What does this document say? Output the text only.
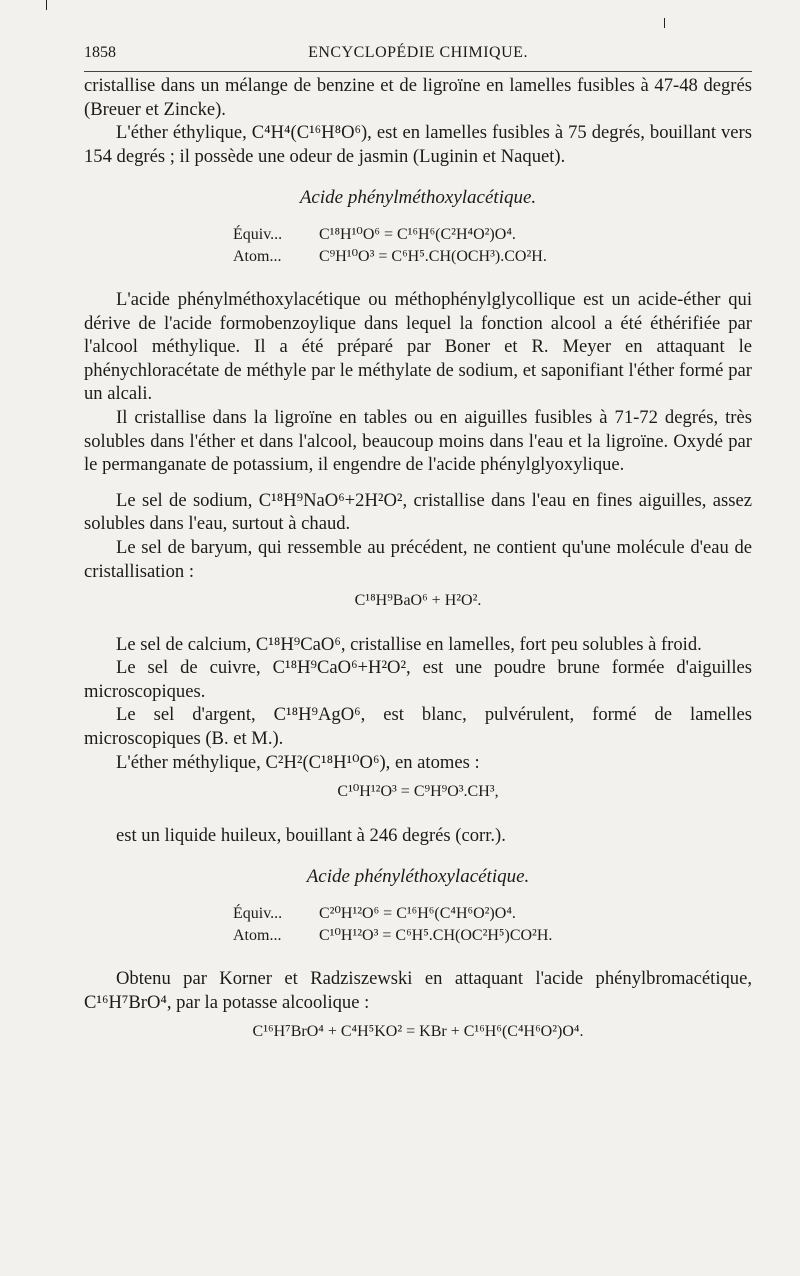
1858	ENCYCLOPÉDIE CHIMIQUE.

cristallise dans un mélange de benzine et de ligroïne en lamelles fusibles à 47-48 degrés (Breuer et Zincke).

L'éther éthylique, C⁴H⁴(C¹⁶H⁸O⁶), est en lamelles fusibles à 75 degrés, bouillant vers 154 degrés ; il possède une odeur de jasmin (Luginin et Naquet).

Acide phénylméthoxylacétique.
Équiv...	C¹⁸H¹⁰O⁶ = C¹⁶H⁶(C²H⁴O²)O⁴.
Atom...	C⁹H¹⁰O³ = C⁶H⁵.CH(OCH³).CO²H.

L'acide phénylméthoxylacétique ou méthophénylglycollique est un acide-éther qui dérive de l'acide formobenzoylique dans lequel la fonction alcool a été éthérifiée par l'alcool méthylique. Il a été préparé par Boner et R. Meyer en attaquant le phénychloracétate de méthyle par le méthylate de sodium, et saponifiant l'éther formé par un alcali.

Il cristallise dans la ligroïne en tables ou en aiguilles fusibles à 71-72 degrés, très solubles dans l'éther et dans l'alcool, beaucoup moins dans l'eau et la ligroïne. Oxydé par le permanganate de potassium, il engendre de l'acide phénylglyoxylique.

Le sel de sodium, C¹⁸H⁹NaO⁶+2H²O², cristallise dans l'eau en fines aiguilles, assez solubles dans l'eau, surtout à chaud.

Le sel de baryum, qui ressemble au précédent, ne contient qu'une molécule d'eau de cristallisation :

C¹⁸H⁹BaO⁶ + H²O².

Le sel de calcium, C¹⁸H⁹CaO⁶, cristallise en lamelles, fort peu solubles à froid.

Le sel de cuivre, C¹⁸H⁹CaO⁶+H²O², est une poudre brune formée d'aiguilles microscopiques.

Le sel d'argent, C¹⁸H⁹AgO⁶, est blanc, pulvérulent, formé de lamelles microscopiques (B. et M.).

L'éther méthylique, C²H²(C¹⁸H¹⁰O⁶), en atomes :

C¹⁰H¹²O³ = C⁹H⁹O³.CH³,

est un liquide huileux, bouillant à 246 degrés (corr.).

Acide phényléthoxylacétique.
Équiv...	C²⁰H¹²O⁶ = C¹⁶H⁶(C⁴H⁶O²)O⁴.
Atom...	C¹⁰H¹²O³ = C⁶H⁵.CH(OC²H⁵)CO²H.

Obtenu par Korner et Radziszewski en attaquant l'acide phénylbromacétique, C¹⁶H⁷BrO⁴, par la potasse alcoolique :

C¹⁶H⁷BrO⁴ + C⁴H⁵KO² = KBr + C¹⁶H⁶(C⁴H⁶O²)O⁴.
